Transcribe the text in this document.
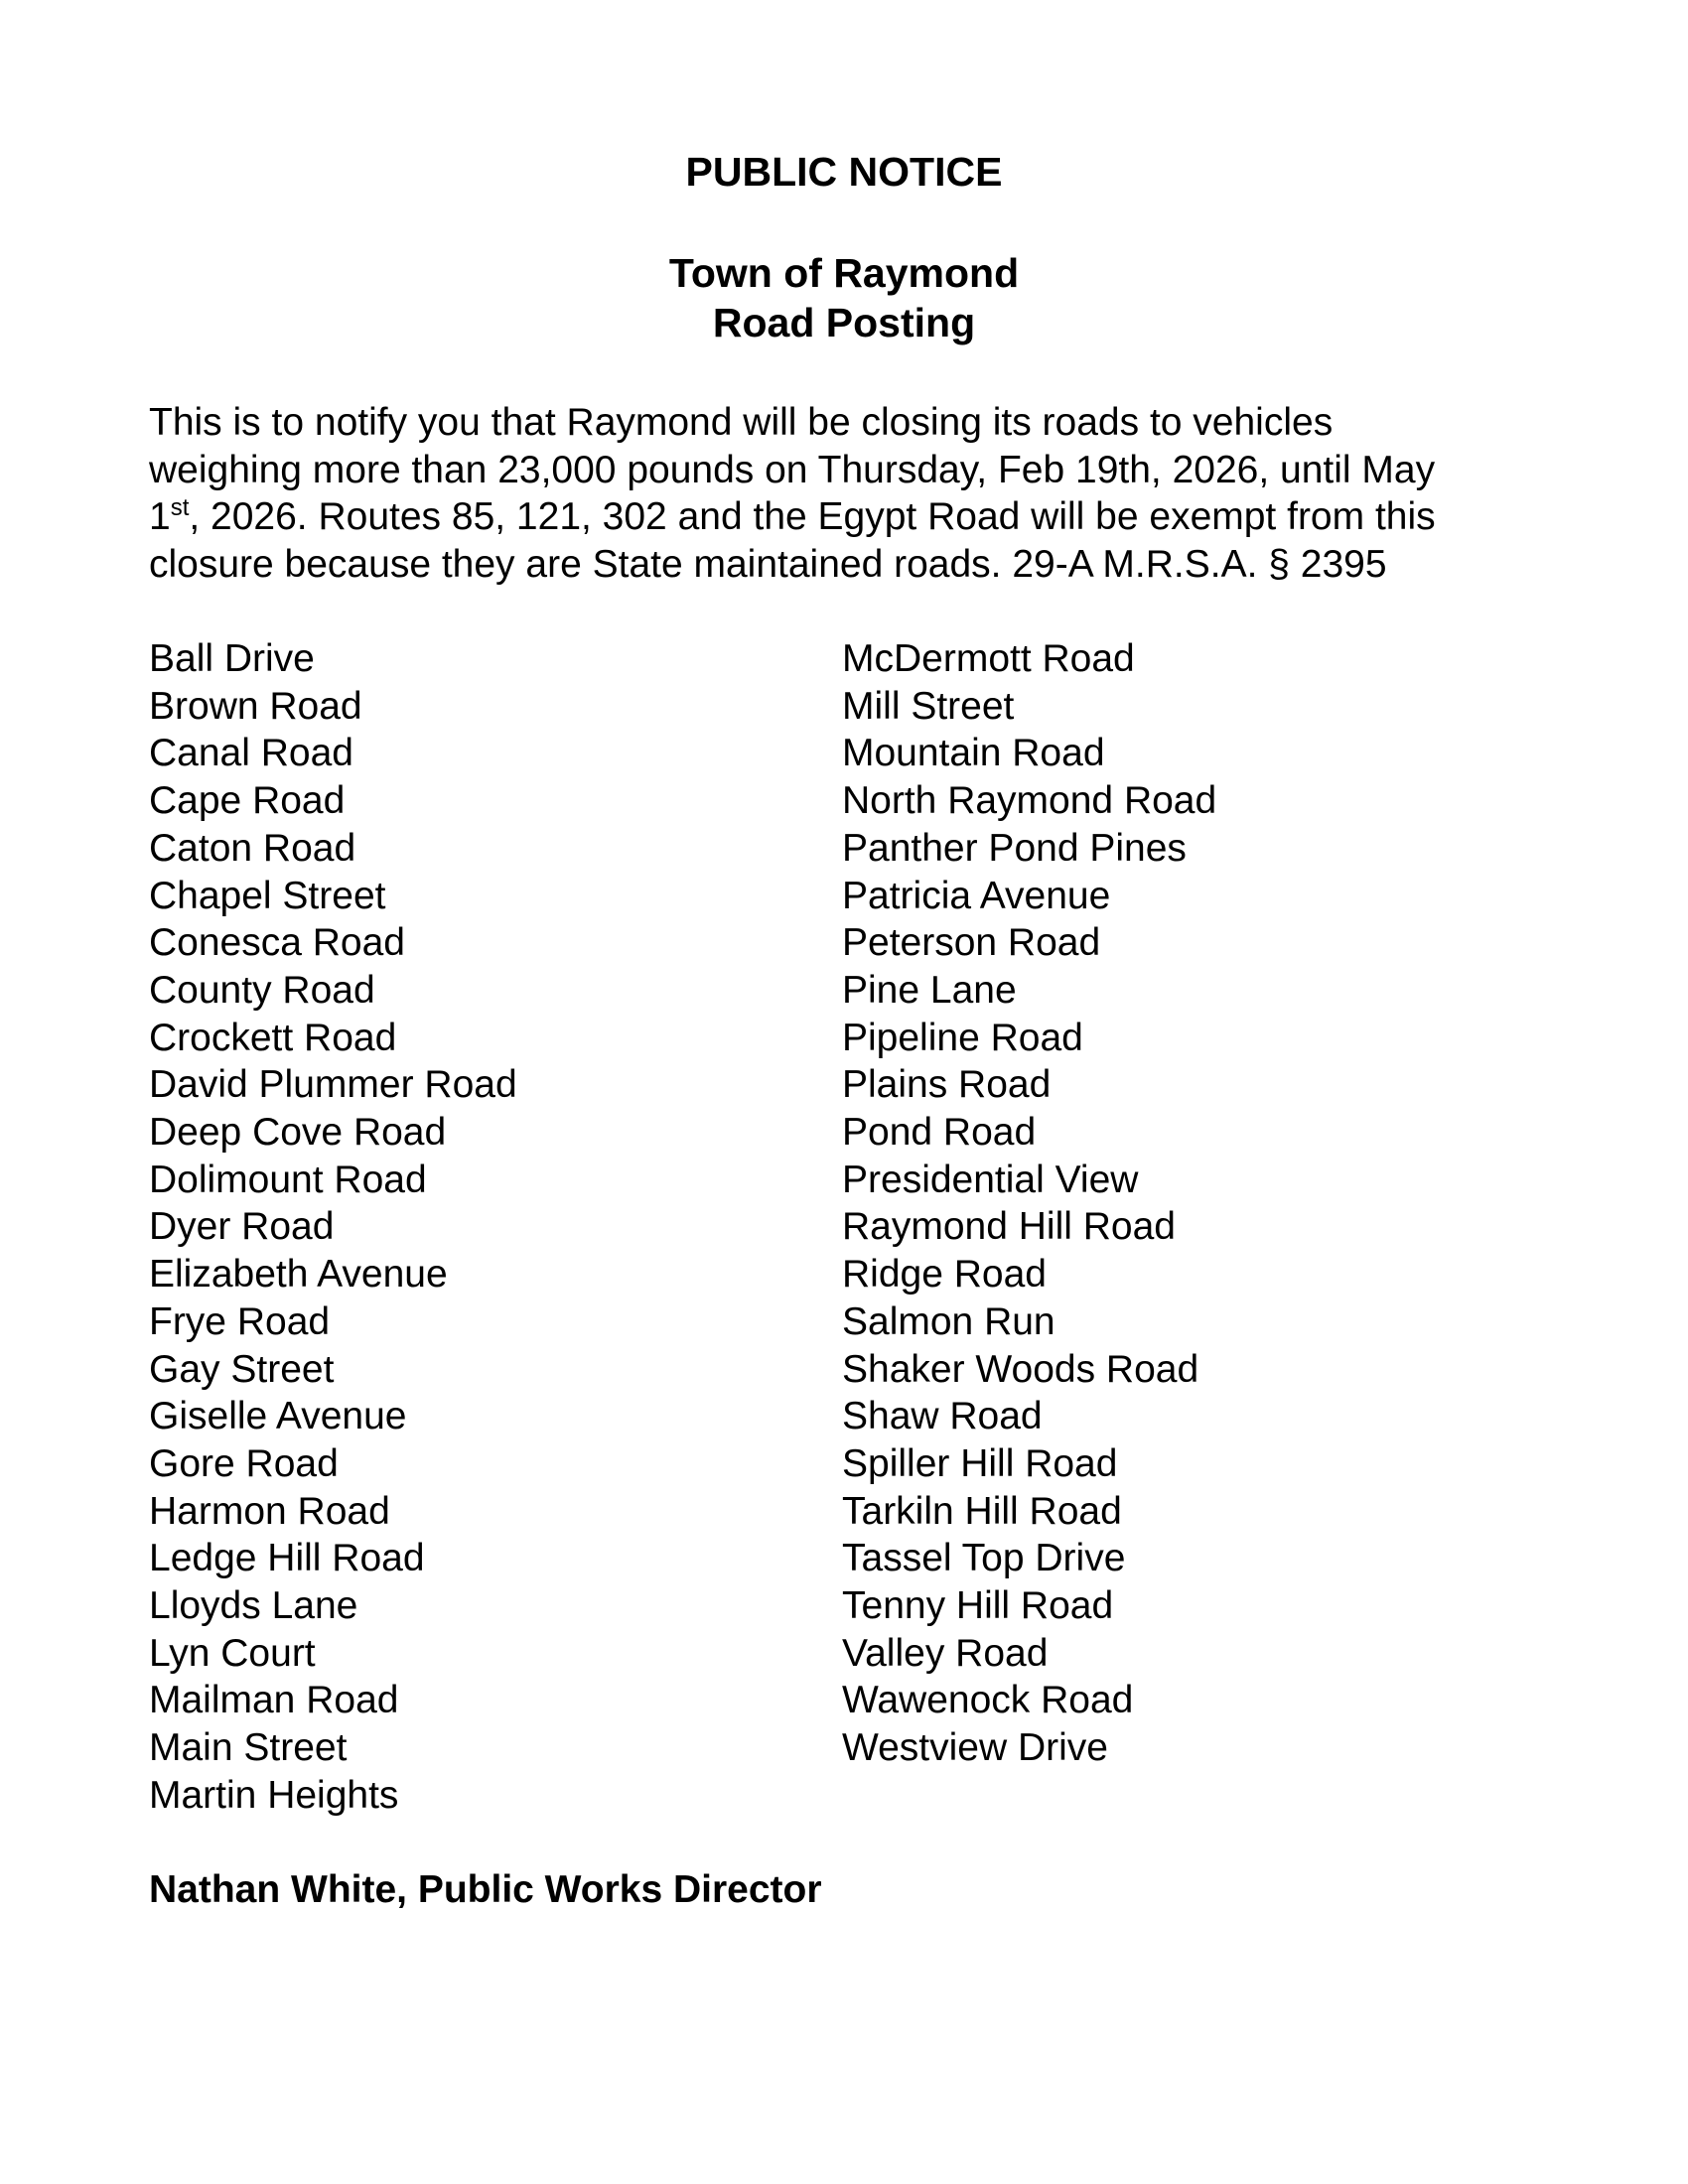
PUBLIC NOTICE
Town of Raymond
Road Posting
This is to notify you that Raymond will be closing its roads to vehicles
weighing more than 23,000 pounds on Thursday, Feb 19th, 2026, until May
1st, 2026. Routes 85, 121, 302 and the Egypt Road will be exempt from this
closure because they are State maintained roads. 29-A M.R.S.A. § 2395
Ball Drive
Brown Road
Canal Road
Cape Road
Caton Road
Chapel Street
Conesca Road
County Road
Crockett Road
David Plummer Road
Deep Cove Road
Dolimount Road
Dyer Road
Elizabeth Avenue
Frye Road
Gay Street
Giselle Avenue
Gore Road
Harmon Road
Ledge Hill Road
Lloyds Lane
Lyn Court
Mailman Road
Main Street
Martin Heights
McDermott Road
Mill Street
Mountain Road
North Raymond Road
Panther Pond Pines
Patricia Avenue
Peterson Road
Pine Lane
Pipeline Road
Plains Road
Pond Road
Presidential View
Raymond Hill Road
Ridge Road
Salmon Run
Shaker Woods Road
Shaw Road
Spiller Hill Road
Tarkiln Hill Road
Tassel Top Drive
Tenny Hill Road
Valley Road
Wawenock Road
Westview Drive
Nathan White, Public Works Director
